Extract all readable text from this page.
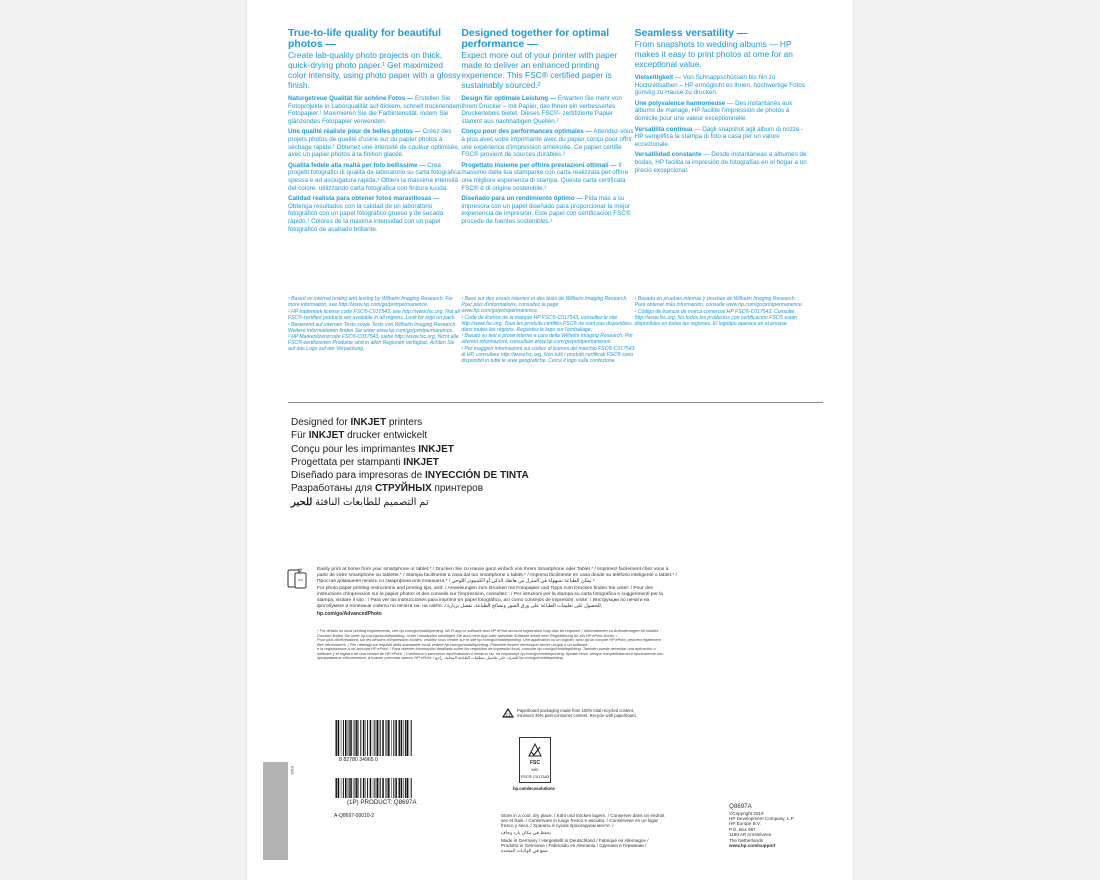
True-to-life quality for beautiful photos —

Create lab-quality photo projects on thick, quick-drying photo paper.¹ Get maximized color intensity, using photo paper with a glossy finish.

Naturgetreue Qualität für schöne Fotos — Erstellen Sie Fotoprojekte in Laborqualität auf dickem, schnell trocknendem Fotopapier.¹ Maximieren Sie die Farbintensität, indem Sie glänzendes Fotopapier verwenden.

Une qualité réaliste pour de belles photos — Créez des projets photos de qualité d'usine sur du papier photos à séchage rapide.¹ Obtenez une intensité de couleur optimisée, avec un papier photos à la finition glacée.

Qualità fedele alla realtà per foto bellissime — Crea progetti fotografici di qualità da laboratorio su carta fotografica spessa e ad asciugatura rapida.¹ Ottieni la massima intensità del colore, utilizzando carta fotografica con finitura lucida.

Calidad realista para obtener fotos maravillosas — Obtenga resultados con la calidad de un laboratorio fotográfico con un papel fotográfico grueso y de secado rápido.¹ Colores de la máxima intensidad con un papel fotográfico de acabado brillante.

Designed together for optimal performance —

Expect more out of your printer with paper made to deliver an enhanced printing experience. This FSC® certified paper is sustainably sourced.²

Design für optimale Leistung — Erwarten Sie mehr von Ihrem Drucker – mit Papier, das Ihnen ein verbessertes Druckerlebnis bietet. Dieses FSC®- zertifizierte Papier stammt aus nachhaltigen Quellen.²

Conçu pour des performances optimales — Attendez-vous à plus avec votre imprimante avec du papier conçu pour offrir une expérience d'impression améliorée. Ce papier certifié FSC® provient de sources durables.²

Progettato insieme per offrire prestazioni ottimali — Il massimo dalla tua stampante con carta realizzata per offrire una migliore esperienza di stampa. Questa carta certificata FSC® è di origine sostenibile.²

Diseñado para un rendimiento óptimo — Pida más a su impresora con un papel diseñado para proporcionar la mejor experiencia de impresión. Este papel con certificación FSC® procede de fuentes sostenibles.²

Seamless versatility —

From snapshots to wedding albums — HP makes it easy to print photos at ome for an exceptional value.

Vielseitigkeit — Von Schnappschüssen bis hin zu Hochzeitsalben – HP ermöglicht es Ihnen, hochwertige Fotos günstig zu Hause zu drucken.

Une polyvalence harmonieuse — Des instantanés aux albums de mariage, HP facilite l'impression de photos à domicile pour une valeur exceptionnelle.

Versatilità continua — Dagli snapshot agli album di nozze - HP semplifica la stampa di foto a casa per un valore eccezionale.

Versatilidad constante — Desde instantáneas a álbumes de bodas, HP facilita la impresión de fotografías en el hogar a un precio excepcional.

¹ Based on internal testing and testing by Wilhelm Imaging Research. For more information, see http://www.hp.com/go/printpermanence.

² HP trademark license code FSC®-C017543, see http://www.fsc.org. Not all FSC®-certified products are available in all regions. Look for logo on pack.

¹ Basierend auf internen Tests sowie Tests von Wilhelm Imaging Research. Weitere Informationen finden Sie unter www.hp.com/go/printpermanence.

² HP Markenlizenzcode FSC®-C017543, siehe http://www.fsc.org. Nicht alle FSC®-zertifizierten Produkte sind in allen Regionen verfügbar. Achten Sie auf das Logo auf der Verpackung.

¹ Basé sur des essais internes et des tests de Wilhelm Imaging Research. Pour plus d'informations, consultez la page www.hp.com/go/printpermanence.

² Code de licence de la marque HP FSC®-C017543, consultez le site http://www.fsc.org. Tous les produits certifiés FSC® ne sont pas disponibles dans toutes les régions. Regardez le logo sur l'emballage.

¹ Basato su test e prove interne a cura della Wilhelm Imaging Research. Per ulteriori informazioni, consultare www.hp.com/go/printpermanence.

² Per maggiori informazioni sul codice di licenza del marchio FSC®-C017543 di HP, consultare http://www.fsc.org. Non tutti i prodotti certificati FSC® sono disponibili in tutte le aree geografiche. Cerca il logo sulla confezione.

¹ Basado en pruebas internas y pruebas de Wilhelm Imaging Research. Para obtener más información, consulte www.hp.com/go/printpermanence.

² Código de licencia de marca comercial HP FSC®-C017543. Consulte http://www.fsc.org. No todos los productos con certificación FSC® están disponibles en todas las regiones. El logotipo aparece en el envase.

Designed for INKJET printers
Für INKJET drucker entwickelt
Conçu pour les imprimantes INKJET
Progettata per stampanti INKJET
Diseñado para impresoras de INYECCIÓN DE TINTA
Разработаны для СТРУЙНЫХ принтеров
تم التصميم للطابعات النافثة للحبر

Easily print at home from your smartphone or tablet.* / Drucken Sie zu Hause ganz einfach von Ihrem Smartphone oder Tablet.* / Imprimez facilement chez vous à partir de votre smartphone ou tablette.* / Stampa facilmente a casa dal tuo smartphone o tablet.* / Imprima fácilmente en casa desde su teléfono inteligente o tablet.* / Простая домашняя печать со смартфона или планшета.* / يمكن الطباعة بسهولة في المنزل من هاتفك الذكي أو الكمبيوتر اللوحي.*

For photo paper printing instructions and printing tips, visit: / Anweisungen zum Drucken mit Fotopapier und Tipps zum Drucken finden Sie unter: / Pour des instructions d'impression sur le papier photos et des conseils sur l'impression, consultez : / Per istruzioni per la stampa su carta fotografica e suggerimenti per la stampa, visitare il sito : / Para ver las instrucciones para imprimir en papel fotográfico, así como consejos de impresión, visite: / Инструкции по печати на фотобумаге и полезные советы по печати см. на сайте: / للحصول على تعليمات الطباعة على ورق الصور ونصائح الطباعة، تفضل بزيارة:

hp.com/go/AdvancedPhoto

* For details on local printing requirements, see hp.com/go/mobileprinting. Wi-Fi app or software and HP ePrint account registration may also be required. / Informationen zu Anforderungen für lokales Drucken finden Sie unter hp.com/go/mobileprinting. Unter Umständen benötigen Sie auch eine App oder spezielle Software sowie eine Registrierung für ein HP ePrint-Konto. /

Pour plus d'informations sur les besoins d'impression locales, veuillez vous rendre sur le site hp.com/go/mobileprinting. Une application ou un logiciel, ainsi qu'un compte HP ePrint, peuvent également être nécessaires. / Per i dettagli sui requisiti della stampante locali vedere hp.com/go/mobileprinting. Potrebbe essere necessario anche un'app o un software

e la registrazione a un account HP ePrint. / Para obtener información detallada sobre los requisitos de impresión local, consulte hp.com/go/mobileprinting. También puede necesitar una aplicación o software y el registro de una cuenta de HP ePrint. / Сведения о местных требованиях к печати см. на странице hp.com/go/mobileprinting. Кроме того, могут потребоваться приложение или

программное обеспечение, а также учетная запись HP ePrint. / للتعرف على تفاصيل متطلبات الطباعة المحلية، راجع hp.com/go/mobileprinting.

ENG
8 82780 34965 0
(1P) PRODUCT: Q8697A
A-Q8697-00010-2
21
Paperboard packaging made from 100% total recycled content, minimum 30% post-consumer content. Recycle with paperboard.
FSC
MIX
FSC® C017543
hp.com/ecosolutions

Store in a cool, dry place. / Kühl und trocken lagern. / Conserver dans un endroit sec et frais. / Conservare in luogo fresco e asciutto. / Consérvese en un lugar fresco y seco. / Хранить в сухом прохладном месте. /

يحفظ في مكان بارد وجاف

Made in Germany / Hergestellt in Deutschland / Fabriqué en Allemagne /

Prodotto in Germania / Fabricado en Alemania / Сделано в Германии /

صنع في الولايات المتحدة

Q8697A

©Copyright 2019

HP Development Company, L.P.

HP Europe B.V.

P.O. Box 667

1180 AR Amstelveen

The Netherlands

www.hp.com/support
